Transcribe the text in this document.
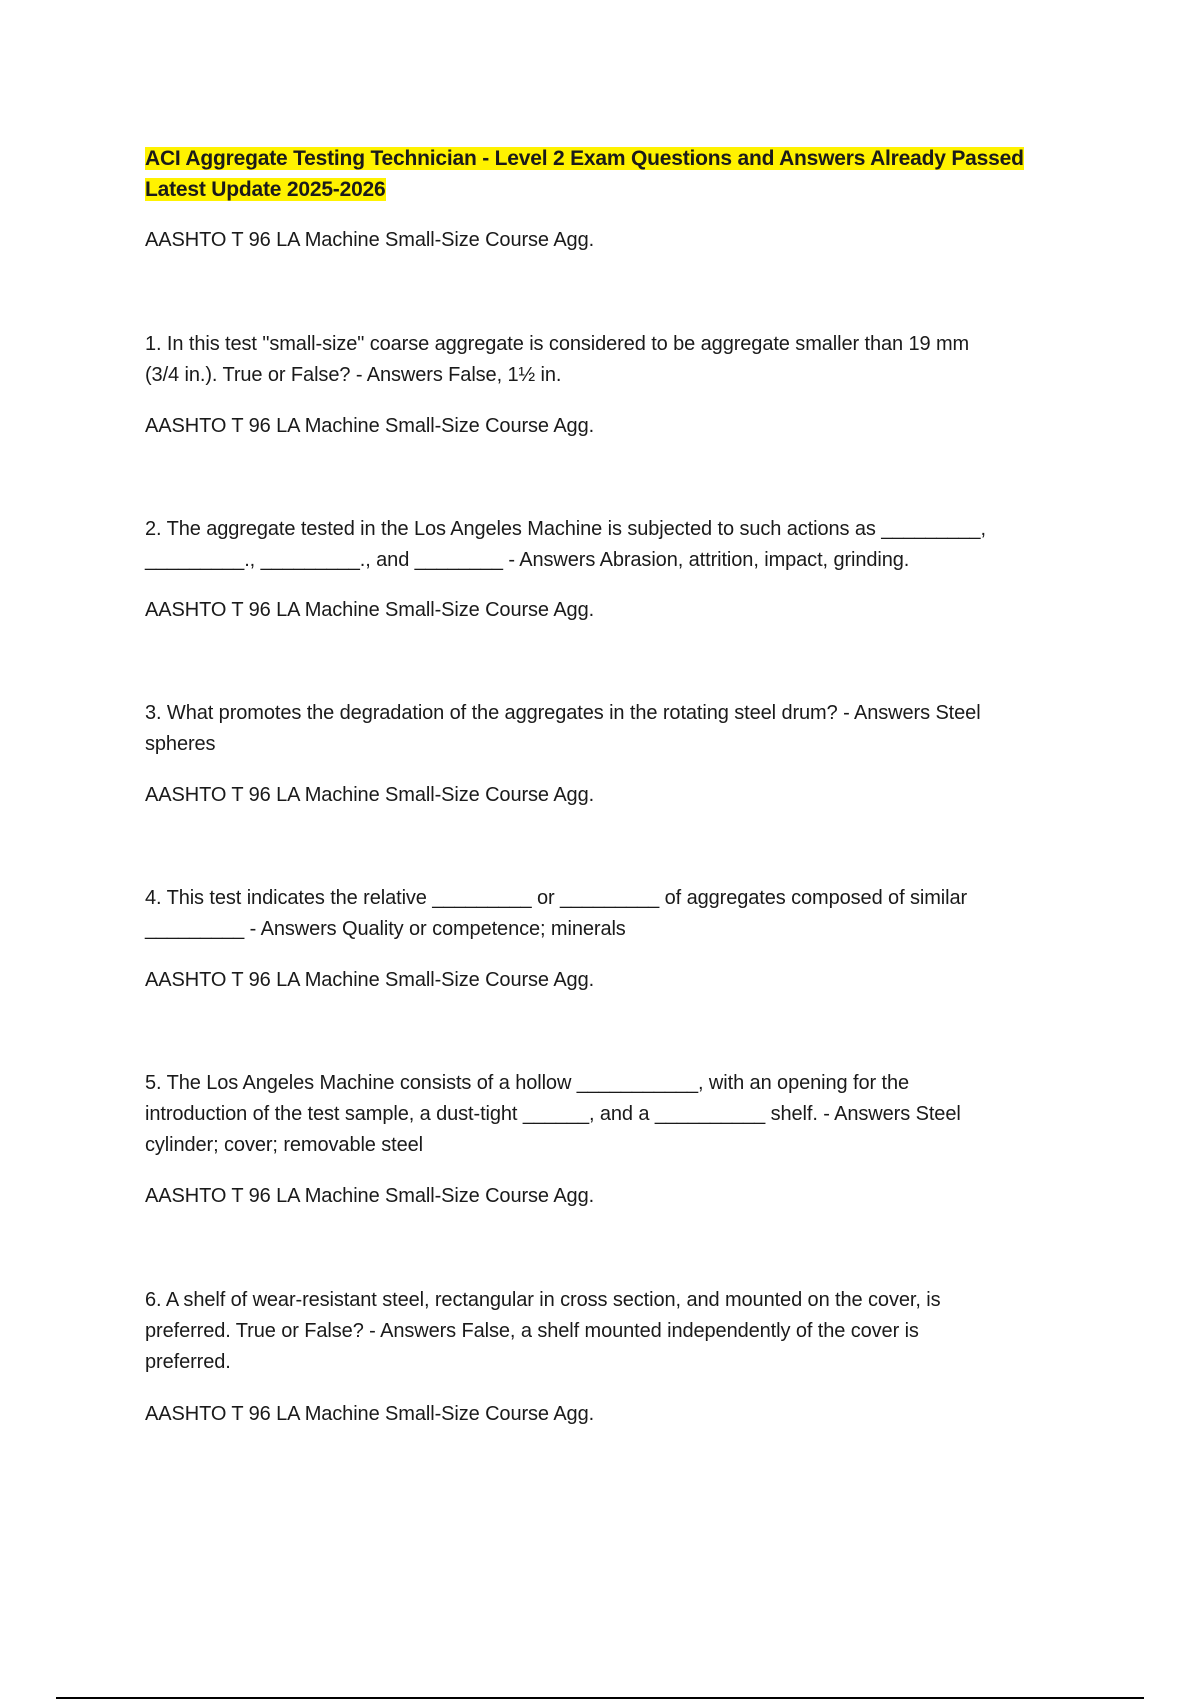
ACI Aggregate Testing Technician - Level 2 Exam Questions and Answers Already Passed
Latest Update 2025-2026
AASHTO T 96 LA Machine Small-Size Course Agg.
1. In this test "small-size" coarse aggregate is considered to be aggregate smaller than 19 mm
(3/4 in.). True or False? - Answers False, 1½ in.
AASHTO T 96 LA Machine Small-Size Course Agg.
2. The aggregate tested in the Los Angeles Machine is subjected to such actions as _________,
_________., _________., and ________ - Answers Abrasion, attrition, impact, grinding.
AASHTO T 96 LA Machine Small-Size Course Agg.
3. What promotes the degradation of the aggregates in the rotating steel drum? - Answers Steel
spheres
AASHTO T 96 LA Machine Small-Size Course Agg.
4. This test indicates the relative _________ or _________ of aggregates composed of similar
_________ - Answers Quality or competence; minerals
AASHTO T 96 LA Machine Small-Size Course Agg.
5. The Los Angeles Machine consists of a hollow ___________, with an opening for the
introduction of the test sample, a dust-tight ______, and a __________ shelf. - Answers Steel
cylinder; cover; removable steel
AASHTO T 96 LA Machine Small-Size Course Agg.
6. A shelf of wear-resistant steel, rectangular in cross section, and mounted on the cover, is
preferred. True or False? - Answers False, a shelf mounted independently of the cover is
preferred.
AASHTO T 96 LA Machine Small-Size Course Agg.
